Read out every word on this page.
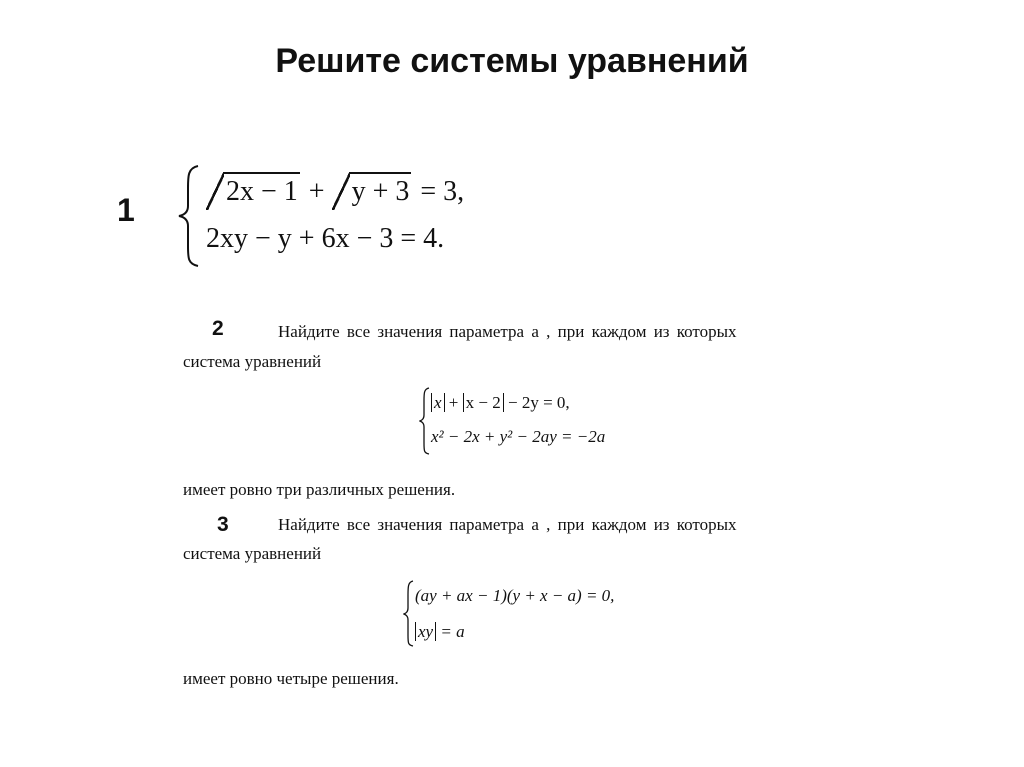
Решите системы уравнений
1
2x − 1 + y + 3 = 3,
2xy − y + 6x − 3 = 4.
2	Найдите все значения параметра a , при каждом из которых
система уравнений
x + x − 2 − 2y = 0,
x² − 2x + y² − 2ay = −2a
имеет ровно три различных решения.
3	Найдите все значения параметра a , при каждом из которых
система уравнений
(ay + ax − 1)(y + x − a) = 0,
xy = a
имеет ровно четыре решения.
